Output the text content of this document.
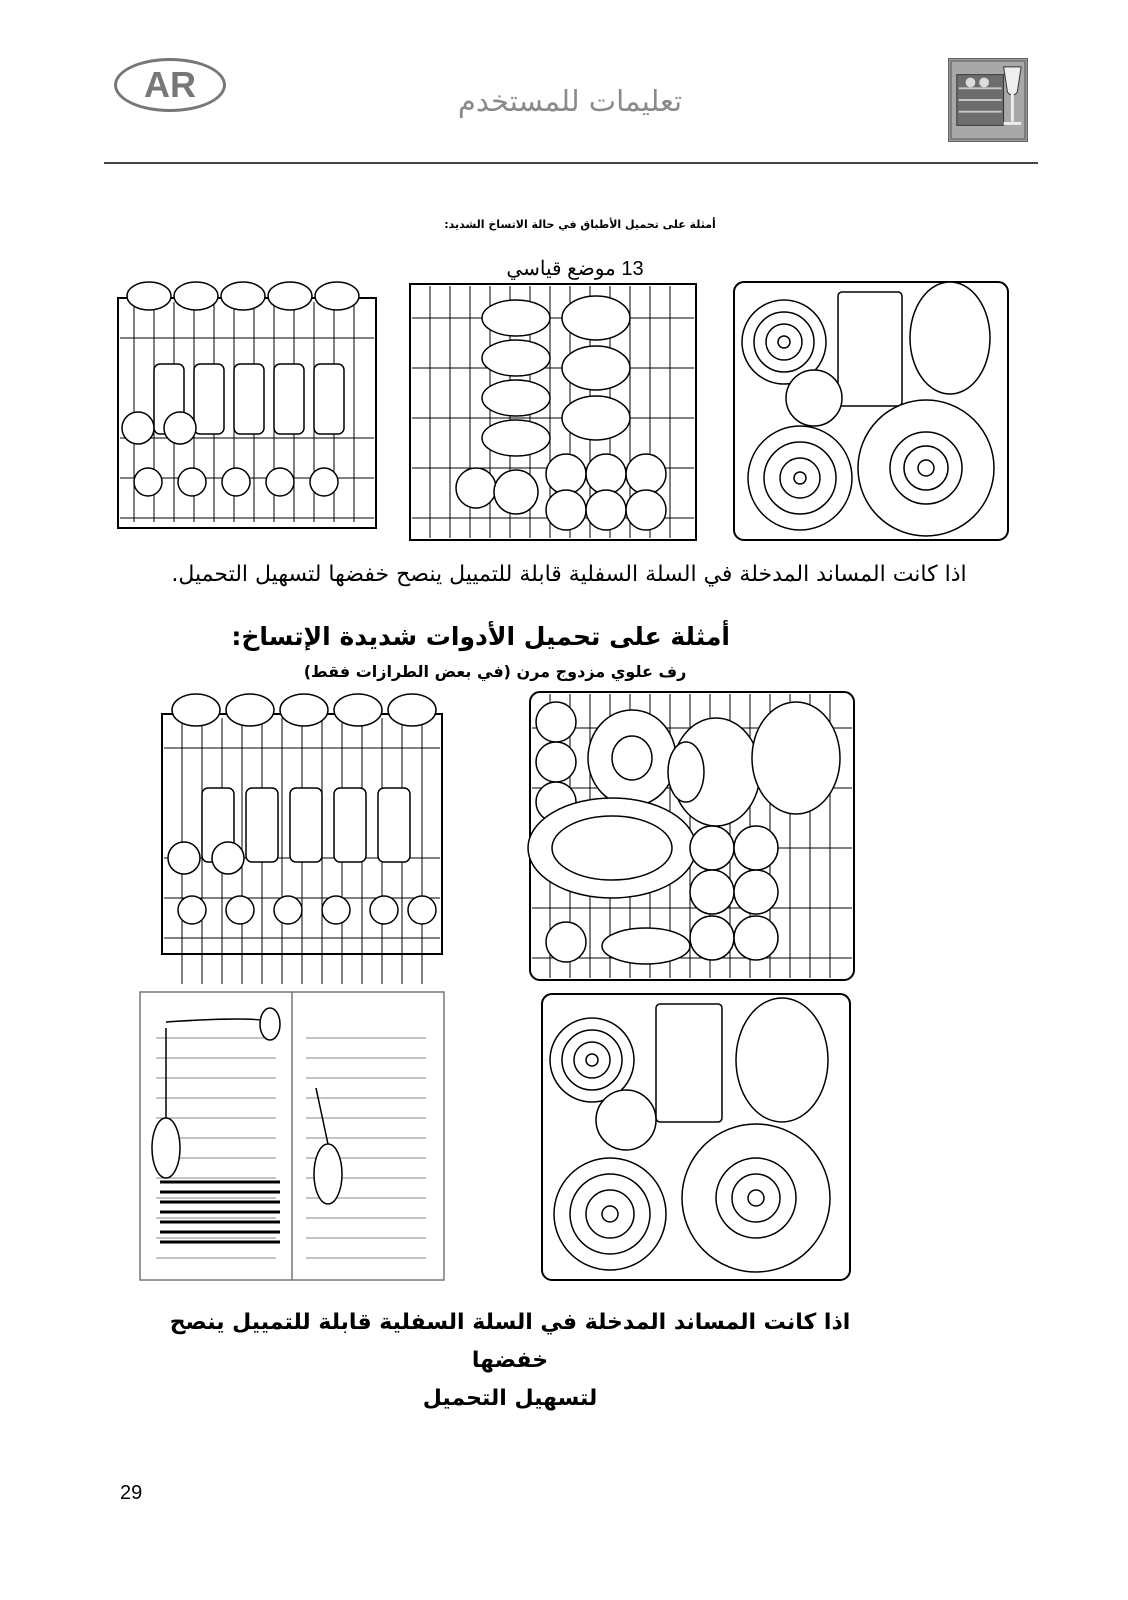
AR	تعليمات للمستخدم
أمثلة على تحميل الأطباق في حالة الاتساخ الشديد:
13 موضع قياسي
اذا كانت المساند المدخلة في السلة السفلية قابلة للتمييل ينصح خفضها لتسهيل التحميل.
أمثلة على تحميل الأدوات شديدة الإتساخ:
رف علوي مزدوج مرن (في بعض الطرازات فقط)
اذا كانت المساند المدخلة في السلة السفلية قابلة للتمييل ينصح خفضها
لتسهيل التحميل
29
